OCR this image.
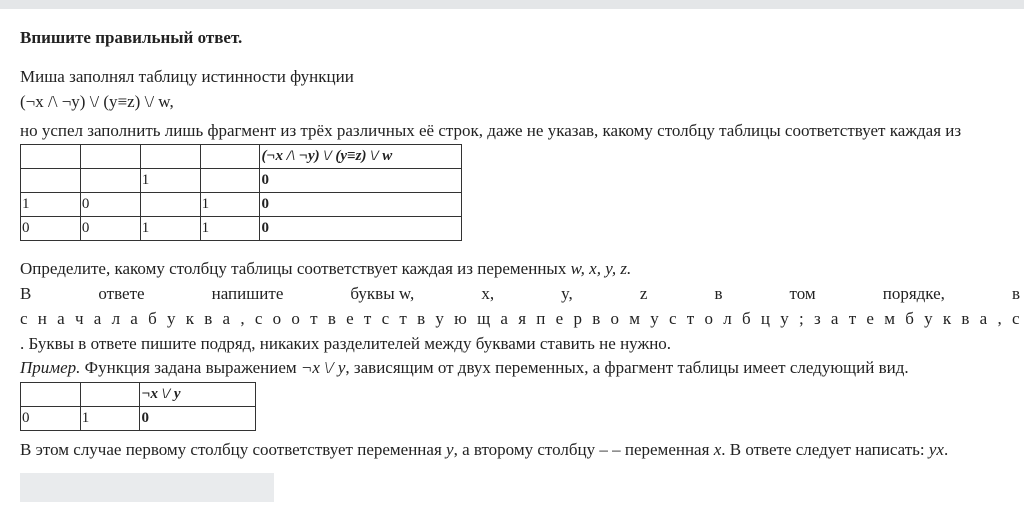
Впишите правильный ответ.
Миша заполнял таблицу истинности функции
(¬x /\ ¬y) \/ (y≡z) \/ w,
но успел заполнить лишь фрагмент из трёх различных её строк, даже не указав, какому столбцу таблицы соответствует каждая из
				(¬x /\ ¬y) \/ (y≡z) \/ w
		1		0
1	0		1	0
0	0	1	1	0
Определите, какому столбцу таблицы соответствует каждая из переменных w, x, y, z.
В	ответе	напишите	буквы w,	x,	y,	z	в	том	порядке,	в
с н а ч а л а б у к в а , с о о т в е т с т в у ю щ а я п е р в о м у с т о л б ц у ; з а т е м б у к в а , с
. Буквы в ответе пишите подряд, никаких разделителей между буквами ставить не нужно.
Пример. Функция задана выражением ¬x \/ y, зависящим от двух переменных, а фрагмент таблицы имеет следующий вид.
		¬x \/ y
0	1	0
В этом случае первому столбцу соответствует переменная y, а второму столбцу – – переменная x. В ответе следует написать: yx.
